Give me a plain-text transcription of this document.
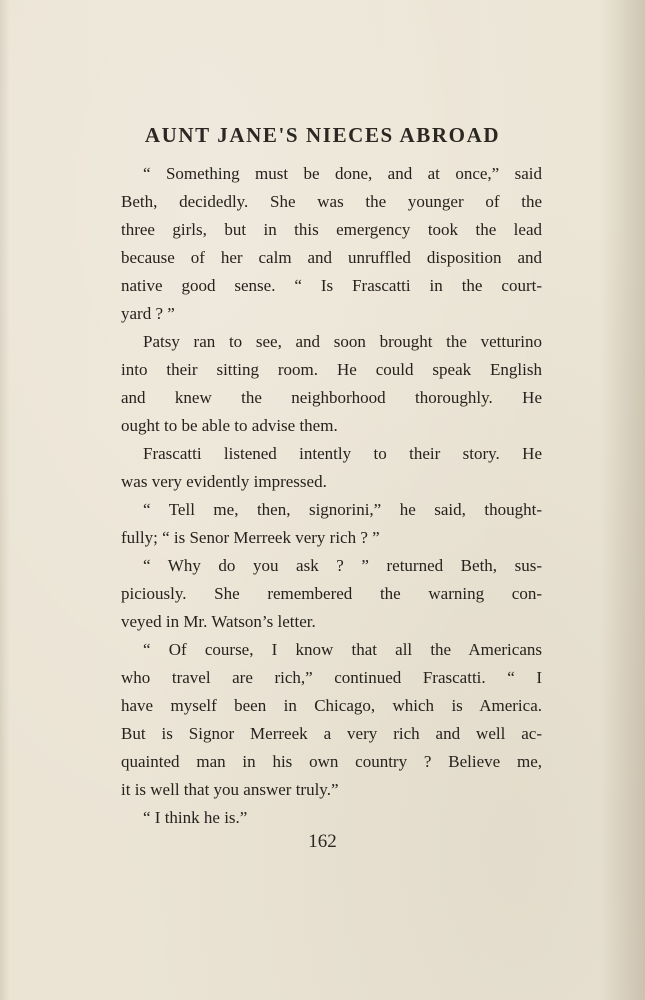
AUNT JANE'S NIECES ABROAD

“ Something must be done, and at once,” said
Beth, decidedly. She was the younger of the
three girls, but in this emergency took the lead
because of her calm and unruffled disposition and
native good sense. “ Is Frascatti in the court-
yard ? ”

Patsy ran to see, and soon brought the vetturino
into their sitting room. He could speak English
and knew the neighborhood thoroughly. He
ought to be able to advise them.

Frascatti listened intently to their story. He
was very evidently impressed.

“ Tell me, then, signorini,” he said, thought-
fully; “ is Senor Merreek very rich ? ”

“ Why do you ask ? ” returned Beth, sus-
piciously. She remembered the warning con-
veyed in Mr. Watson’s letter.

“ Of course, I know that all the Americans
who travel are rich,” continued Frascatti. “ I
have myself been in Chicago, which is America.
But is Signor Merreek a very rich and well ac-
quainted man in his own country ? Believe me,
it is well that you answer truly.”

“ I think he is.”

162
